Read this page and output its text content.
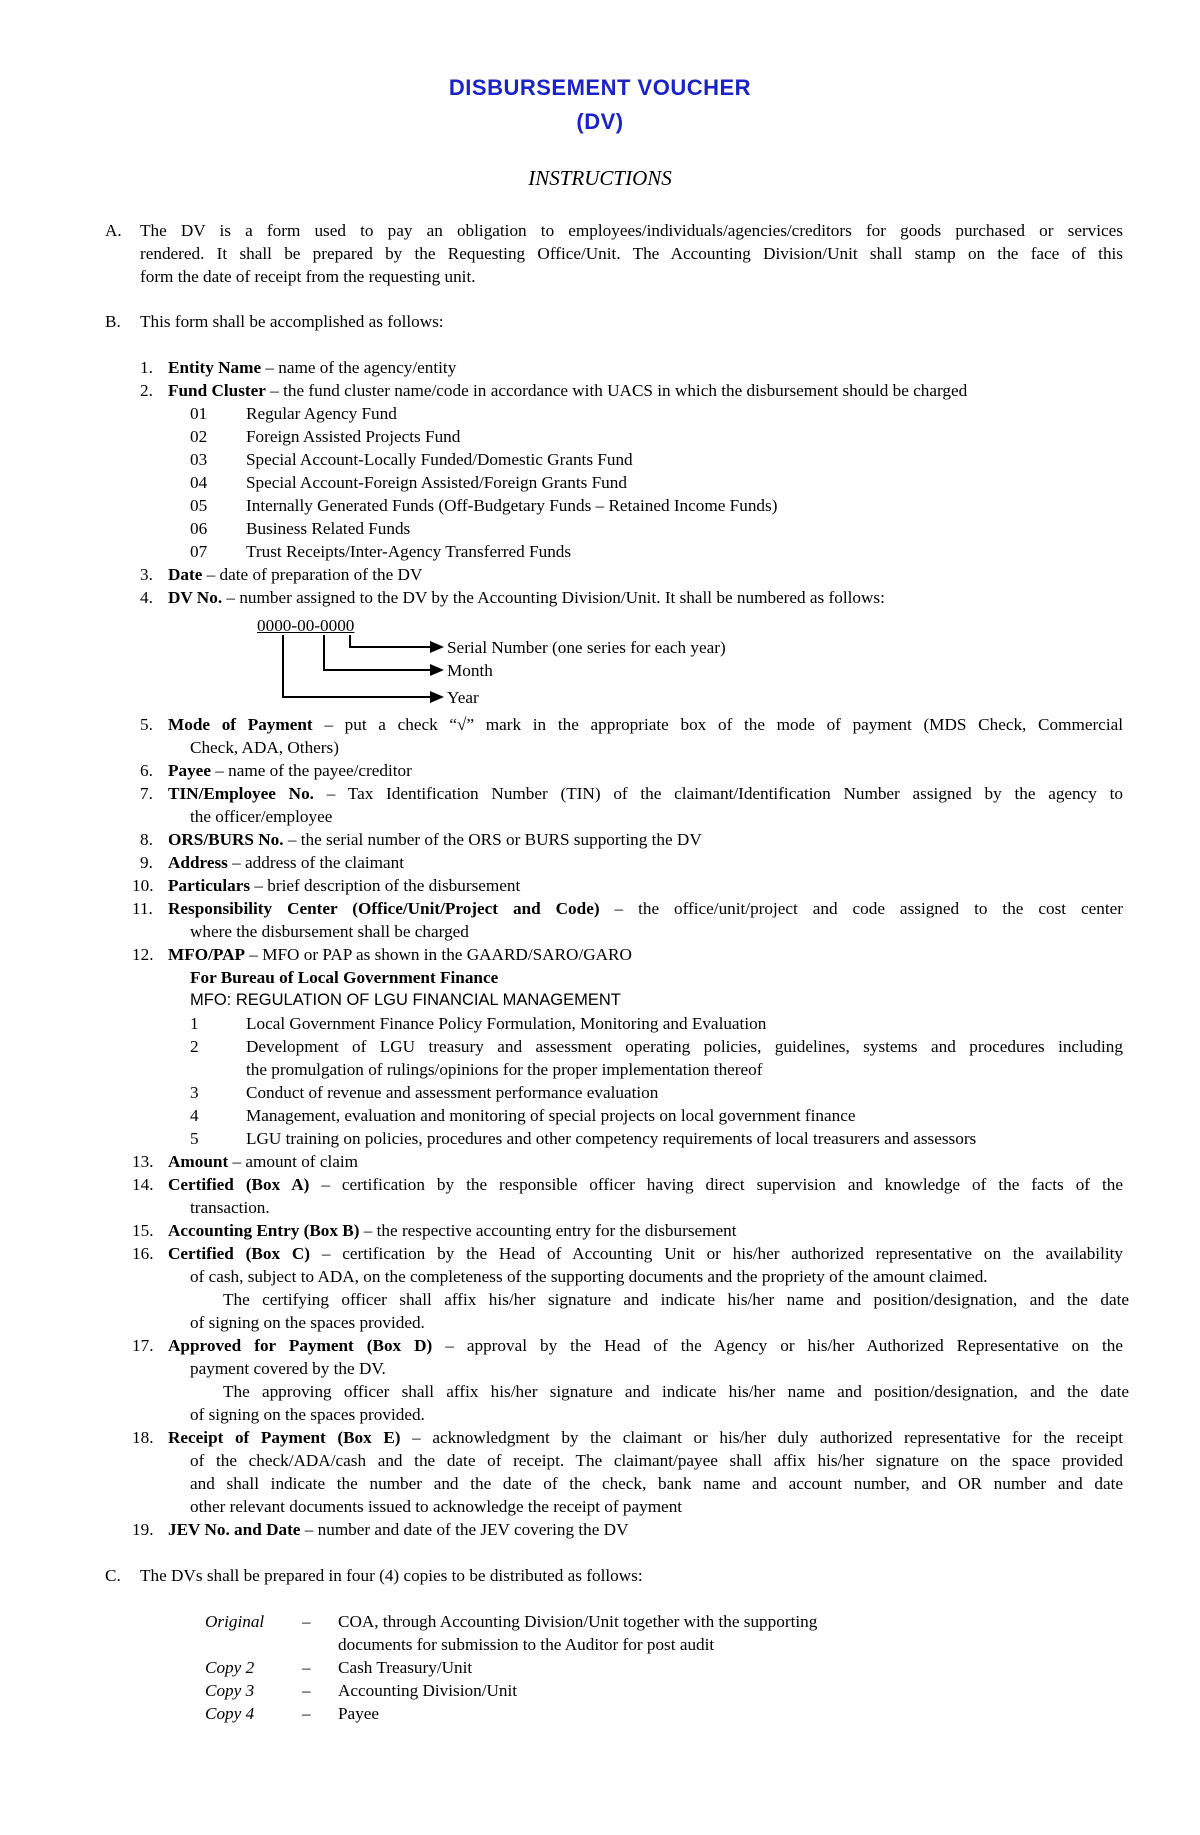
DISBURSEMENT VOUCHER
(DV)
INSTRUCTIONS
A. The DV is a form used to pay an obligation to employees/individuals/agencies/creditors for goods purchased or services
rendered. It shall be prepared by the Requesting Office/Unit. The Accounting Division/Unit shall stamp on the face of this
form the date of receipt from the requesting unit.
B. This form shall be accomplished as follows:
1. Entity Name – name of the agency/entity
2. Fund Cluster – the fund cluster name/code in accordance with UACS in which the disbursement should be charged
01 Regular Agency Fund
02 Foreign Assisted Projects Fund
03 Special Account-Locally Funded/Domestic Grants Fund
04 Special Account-Foreign Assisted/Foreign Grants Fund
05 Internally Generated Funds (Off-Budgetary Funds – Retained Income Funds)
06 Business Related Funds
07 Trust Receipts/Inter-Agency Transferred Funds
3. Date – date of preparation of the DV
4. DV No. – number assigned to the DV by the Accounting Division/Unit. It shall be numbered as follows:
0000-00-0000
Serial Number (one series for each year)
Month
Year
5. Mode of Payment – put a check “√” mark in the appropriate box of the mode of payment (MDS Check, Commercial
Check, ADA, Others)
6. Payee – name of the payee/creditor
7. TIN/Employee No. – Tax Identification Number (TIN) of the claimant/Identification Number assigned by the agency to
the officer/employee
8. ORS/BURS No. – the serial number of the ORS or BURS supporting the DV
9. Address – address of the claimant
10. Particulars – brief description of the disbursement
11. Responsibility Center (Office/Unit/Project and Code) – the office/unit/project and code assigned to the cost center
where the disbursement shall be charged
12. MFO/PAP – MFO or PAP as shown in the GAARD/SARO/GARO
For Bureau of Local Government Finance
MFO: REGULATION OF LGU FINANCIAL MANAGEMENT
1	Local Government Finance Policy Formulation, Monitoring and Evaluation
2	Development of LGU treasury and assessment operating policies, guidelines, systems and procedures including
the promulgation of rulings/opinions for the proper implementation thereof
3	Conduct of revenue and assessment performance evaluation
4	Management, evaluation and monitoring of special projects on local government finance
5	LGU training on policies, procedures and other competency requirements of local treasurers and assessors
13. Amount – amount of claim
14. Certified (Box A) – certification by the responsible officer having direct supervision and knowledge of the facts of the
transaction.
15. Accounting Entry (Box B) – the respective accounting entry for the disbursement
16. Certified (Box C) – certification by the Head of Accounting Unit or his/her authorized representative on the availability
of cash, subject to ADA, on the completeness of the supporting documents and the propriety of the amount claimed.
The certifying officer shall affix his/her signature and indicate his/her name and position/designation, and the date
of signing on the spaces provided.
17. Approved for Payment (Box D) – approval by the Head of the Agency or his/her Authorized Representative on the
payment covered by the DV.
The approving officer shall affix his/her signature and indicate his/her name and position/designation, and the date
of signing on the spaces provided.
18. Receipt of Payment (Box E) – acknowledgment by the claimant or his/her duly authorized representative for the receipt
of the check/ADA/cash and the date of receipt. The claimant/payee shall affix his/her signature on the space provided
and shall indicate the number and the date of the check, bank name and account number, and OR number and date
other relevant documents issued to acknowledge the receipt of payment
19. JEV No. and Date – number and date of the JEV covering the DV
C. The DVs shall be prepared in four (4) copies to be distributed as follows:
Original – COA, through Accounting Division/Unit together with the supporting
documents for submission to the Auditor for post audit
Copy 2	– Cash Treasury/Unit
Copy 3	– Accounting Division/Unit
Copy 4	– Payee
